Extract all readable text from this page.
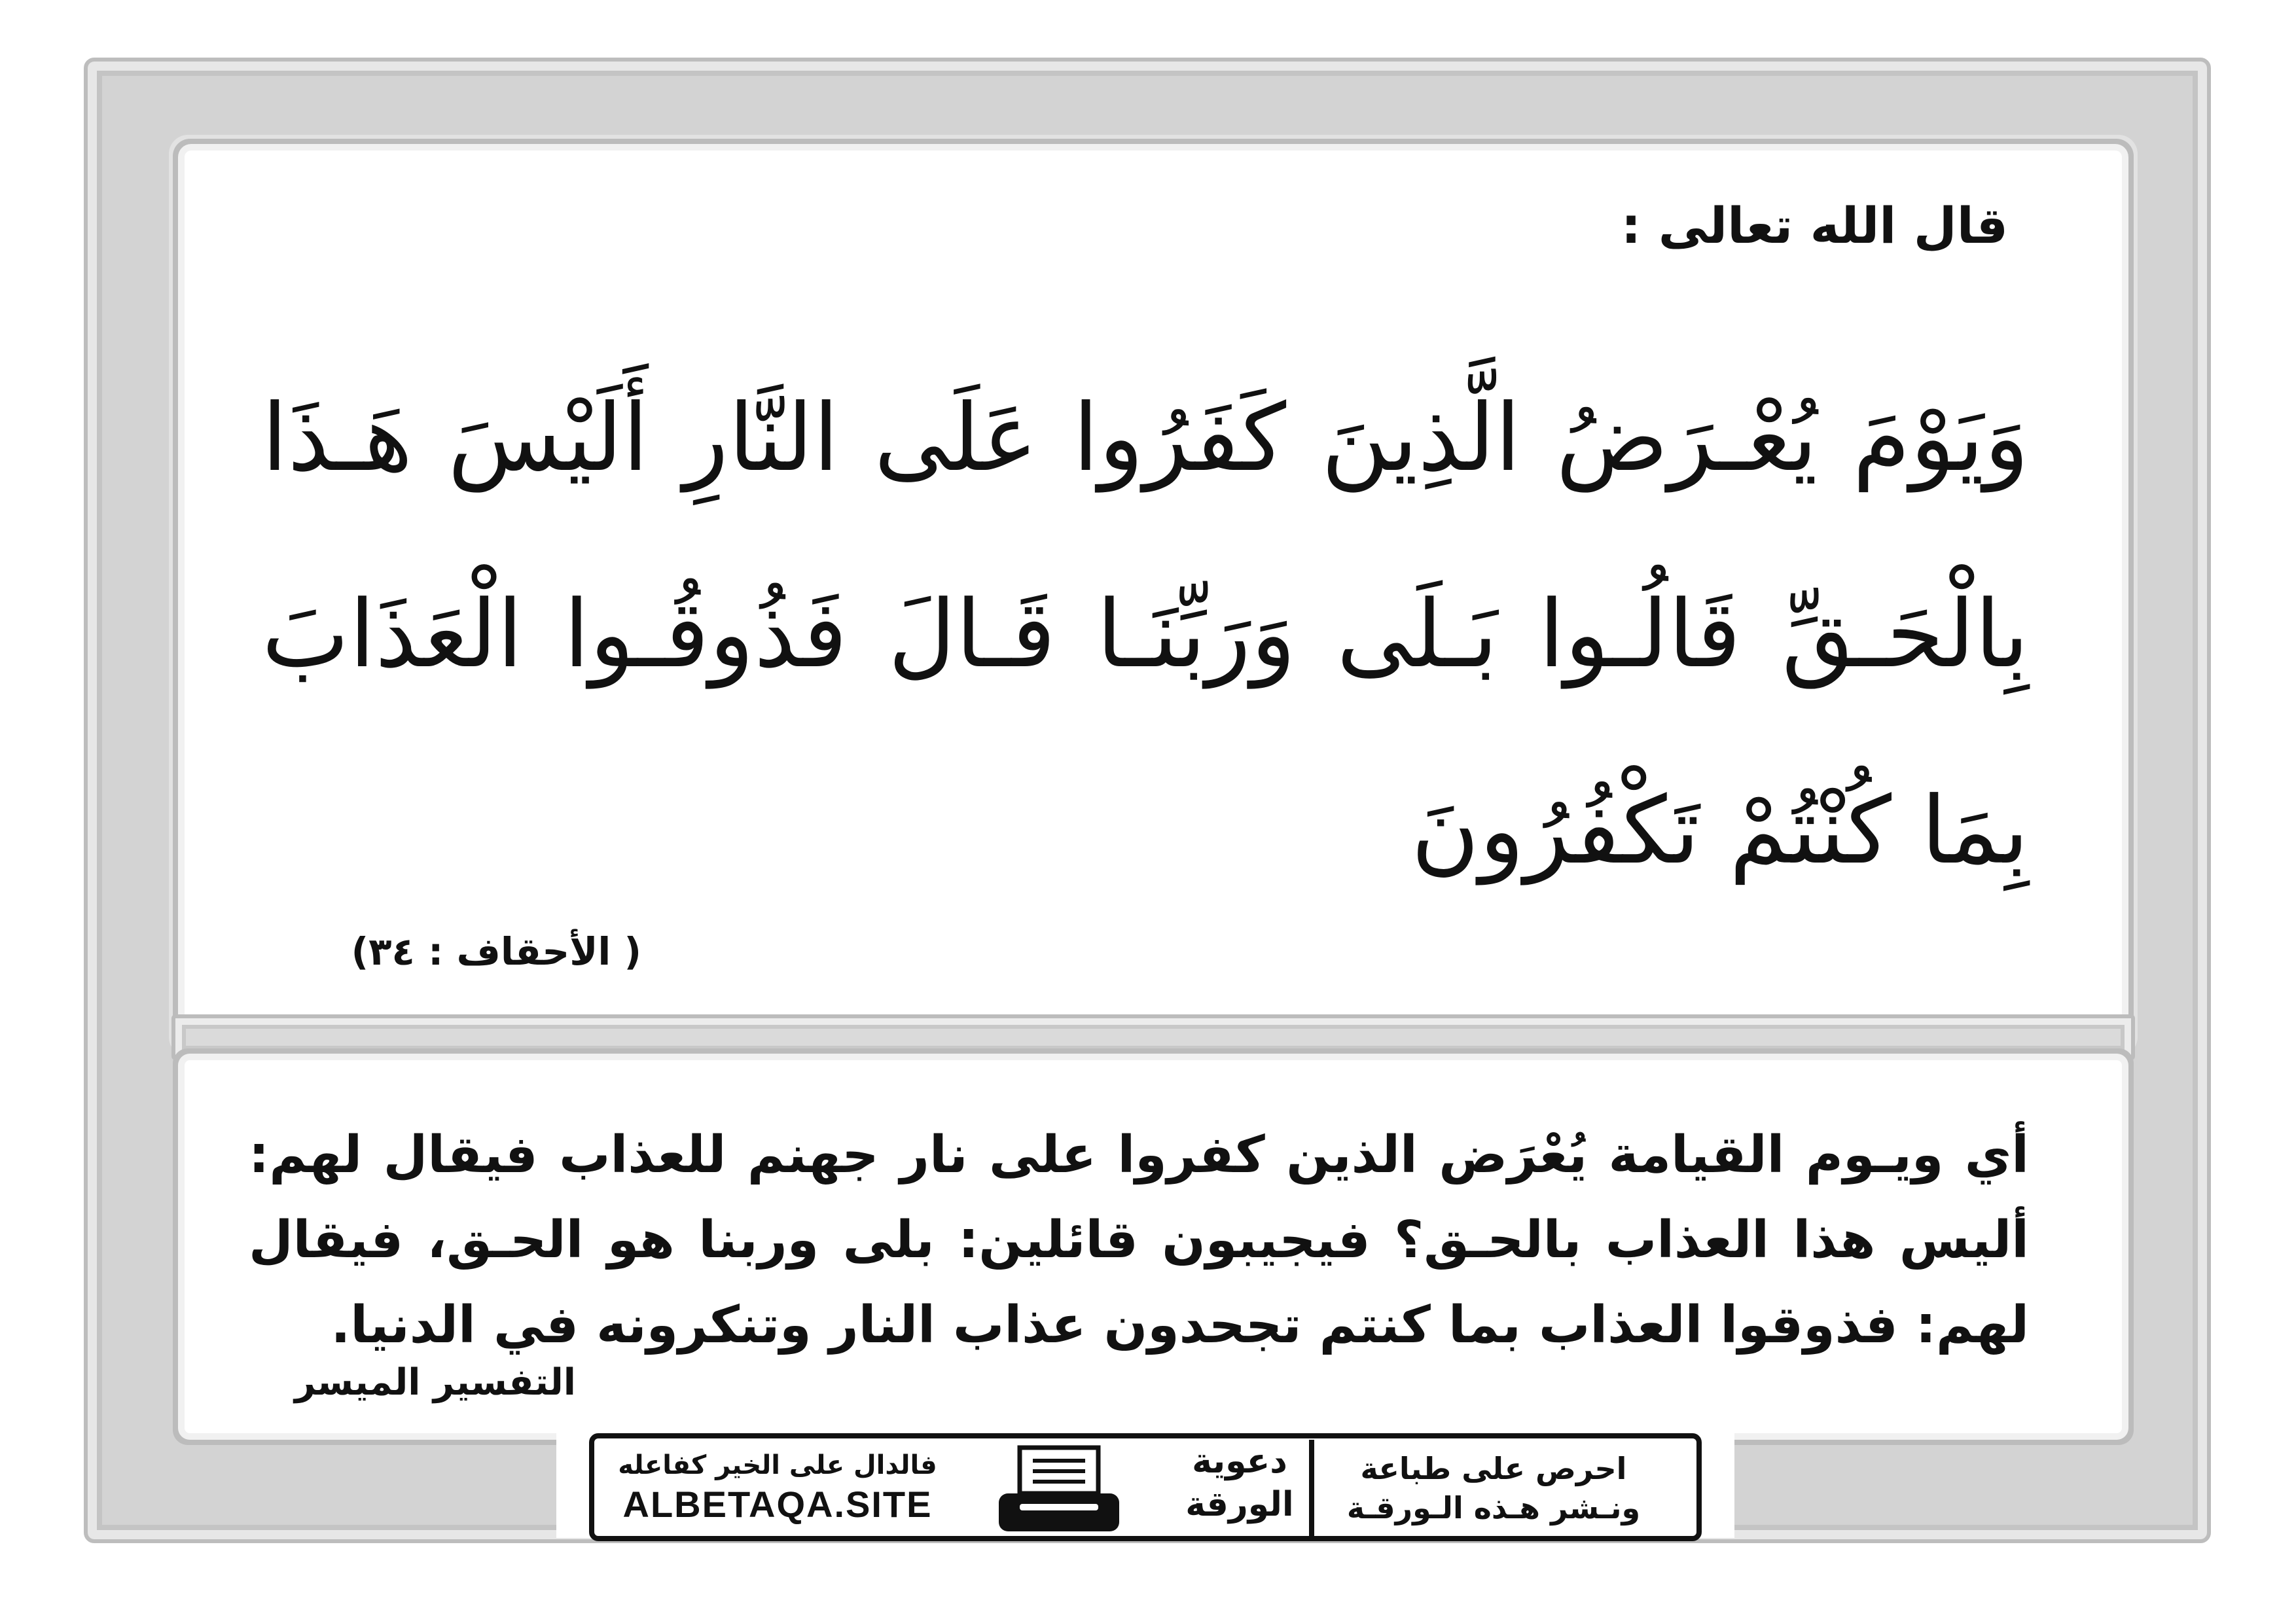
قال الله تعالى :
وَيَوْمَ يُعْـرَضُ الَّذِينَ كَفَرُوا عَلَى النَّارِ أَلَيْسَ هَـذَا بِالْحَـقِّ قَالُـوا بَـلَى وَرَبِّنَـا قَـالَ فَذُوقُـوا الْعَذَابَ بِمَا كُنْتُمْ تَكْفُرُونَ
( الأحقاف : ٣٤)
أي ويـوم القيامة يُعْرَض الذين كفروا على نار جهنم للعذاب فيقال لهم: أليس هذا العذاب بالحـق؟ فيجيبون قائلين: بلى وربنا هو الحـق، فيقال لهم: فذوقوا العذاب بما كنتم تجحدون عذاب النار وتنكرونه في الدنيا.
التفسير الميسر
فالدال على الخير كفاعله
ALBETAQA.SITE
دعوية
الورقة
احرص على طباعة
ونـشر هـذه الـورقـة
